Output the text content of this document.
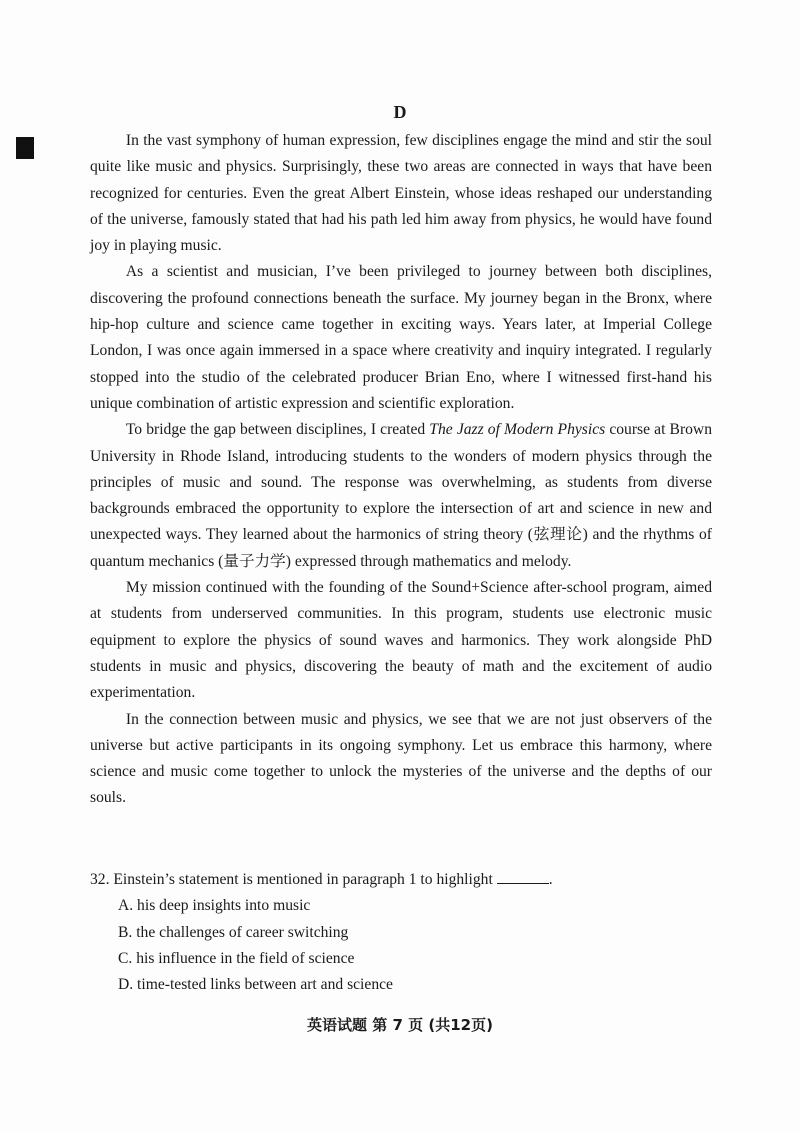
D

In the vast symphony of human expression, few disciplines engage the mind and stir the soul quite like music and physics. Surprisingly, these two areas are connected in ways that have been recognized for centuries. Even the great Albert Einstein, whose ideas reshaped our understanding of the universe, famously stated that had his path led him away from physics, he would have found joy in playing music.

As a scientist and musician, I’ve been privileged to journey between both disciplines, discovering the profound connections beneath the surface. My journey began in the Bronx, where hip-hop culture and science came together in exciting ways. Years later, at Imperial College London, I was once again immersed in a space where creativity and inquiry integrated. I regularly stopped into the studio of the celebrated producer Brian Eno, where I witnessed first-hand his unique combination of artistic expression and scientific exploration.

To bridge the gap between disciplines, I created The Jazz of Modern Physics course at Brown University in Rhode Island, introducing students to the wonders of modern physics through the principles of music and sound. The response was overwhelming, as students from diverse backgrounds embraced the opportunity to explore the intersection of art and science in new and unexpected ways. They learned about the harmonics of string theory (弦理论) and the rhythms of quantum mechanics (量子力学) expressed through mathematics and melody.

My mission continued with the founding of the Sound+Science after-school program, aimed at students from underserved communities. In this program, students use electronic music equipment to explore the physics of sound waves and harmonics. They work alongside PhD students in music and physics, discovering the beauty of math and the excitement of audio experimentation.

In the connection between music and physics, we see that we are not just observers of the universe but active participants in its ongoing symphony. Let us embrace this harmony, where science and music come together to unlock the mysteries of the universe and the depths of our souls.

32. Einstein’s statement is mentioned in paragraph 1 to highlight	.

A. his deep insights into music

B. the challenges of career switching

C. his influence in the field of science

D. time-tested links between art and science

英语试题 第 7 页 (共12页)
